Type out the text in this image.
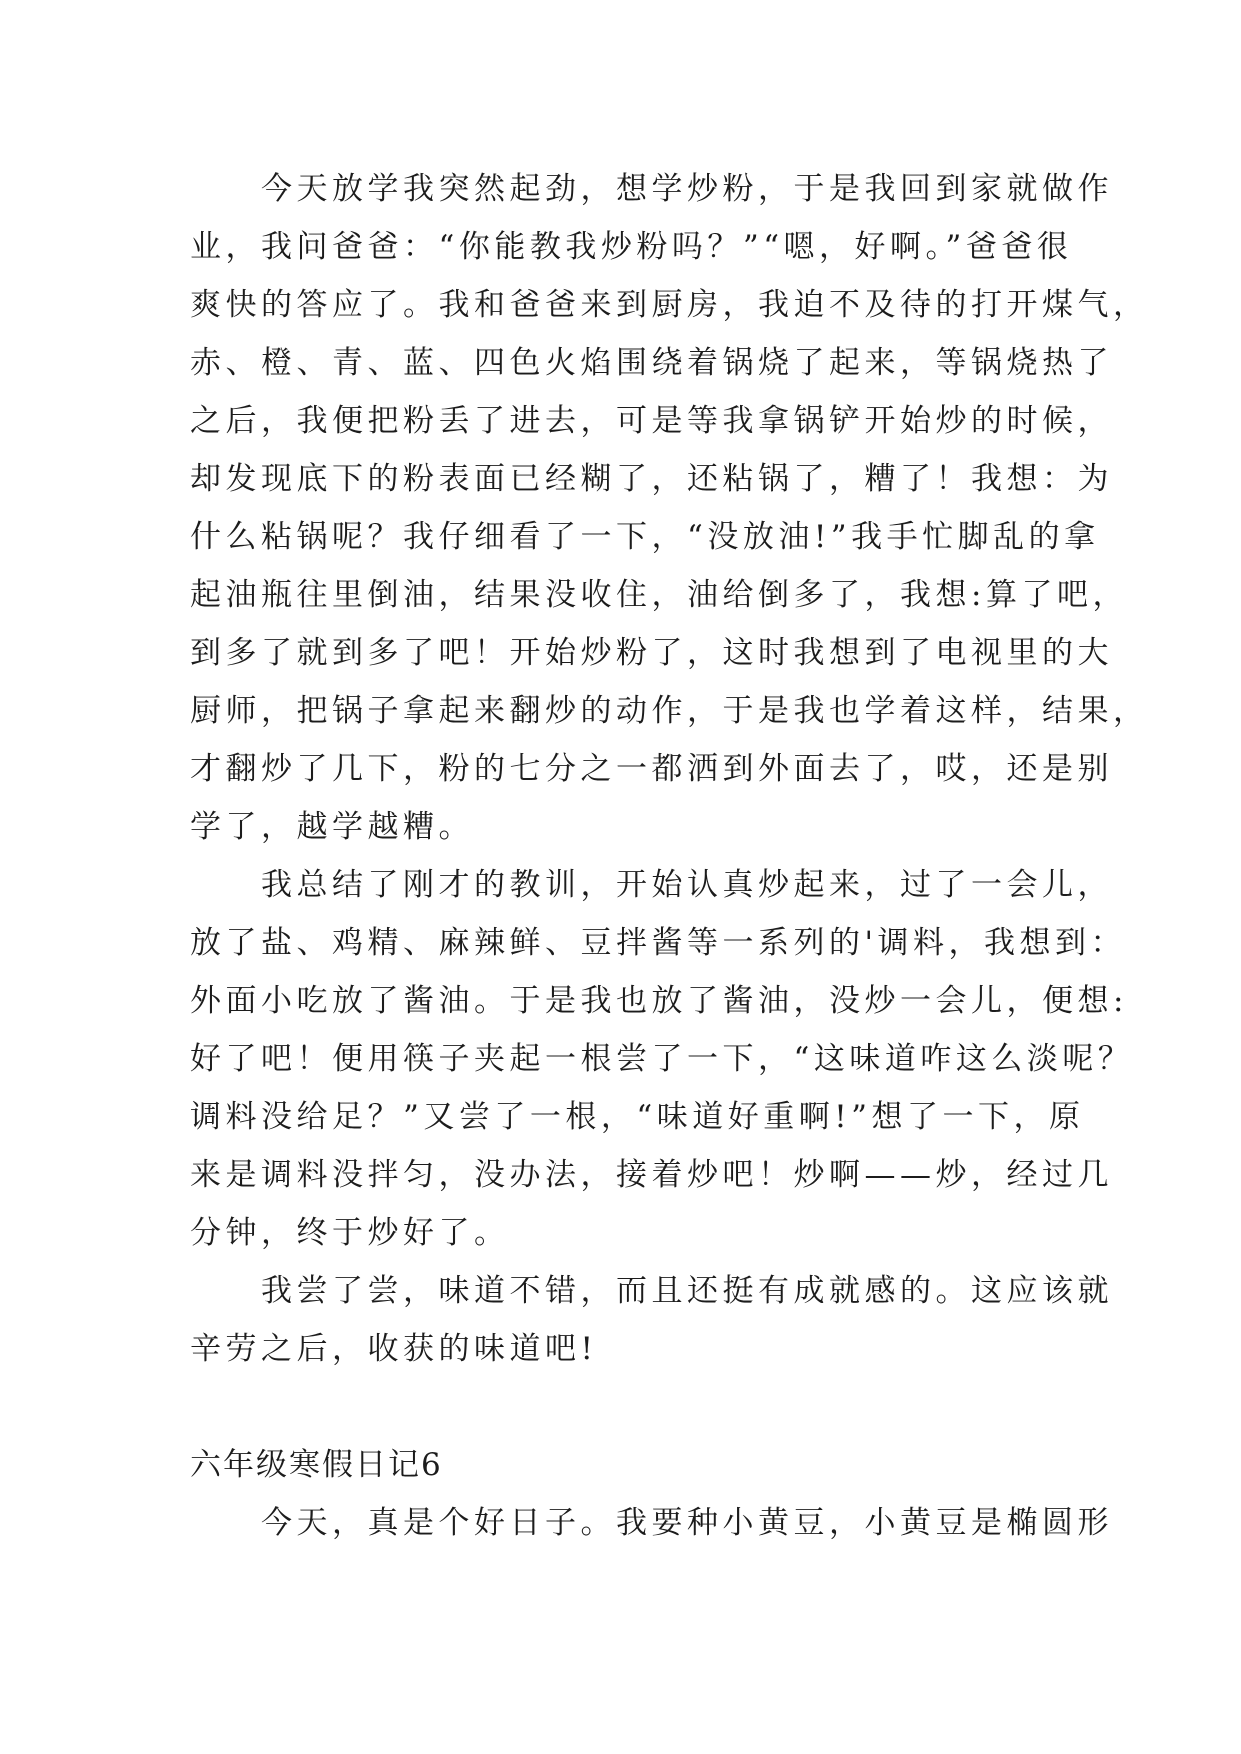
　　今天放学我突然起劲，想学炒粉，于是我回到家就做作
业，我问爸爸：“你能教我炒粉吗？”“嗯，好啊。”爸爸很
爽快的答应了。我和爸爸来到厨房，我迫不及待的打开煤气，
赤、橙、青、蓝、四色火焰围绕着锅烧了起来，等锅烧热了
之后，我便把粉丢了进去，可是等我拿锅铲开始炒的时候，
却发现底下的粉表面已经糊了，还粘锅了，糟了！我想：为
什么粘锅呢？我仔细看了一下，“没放油!”我手忙脚乱的拿
起油瓶往里倒油，结果没收住，油给倒多了，我想:算了吧，
到多了就到多了吧！开始炒粉了，这时我想到了电视里的大
厨师，把锅子拿起来翻炒的动作，于是我也学着这样，结果，
才翻炒了几下，粉的七分之一都洒到外面去了，哎，还是别
学了，越学越糟。
　　我总结了刚才的教训，开始认真炒起来，过了一会儿，
放了盐、鸡精、麻辣鲜、豆拌酱等一系列的'调料，我想到：
外面小吃放了酱油。于是我也放了酱油，没炒一会儿，便想:
好了吧！便用筷子夹起一根尝了一下，“这味道咋这么淡呢？
调料没给足？”又尝了一根，“味道好重啊!”想了一下，原
来是调料没拌匀，没办法，接着炒吧！炒啊——炒，经过几
分钟，终于炒好了。
　　我尝了尝，味道不错，而且还挺有成就感的。这应该就
辛劳之后，收获的味道吧!
六年级寒假日记6
　　今天，真是个好日子。我要种小黄豆，小黄豆是椭圆形
